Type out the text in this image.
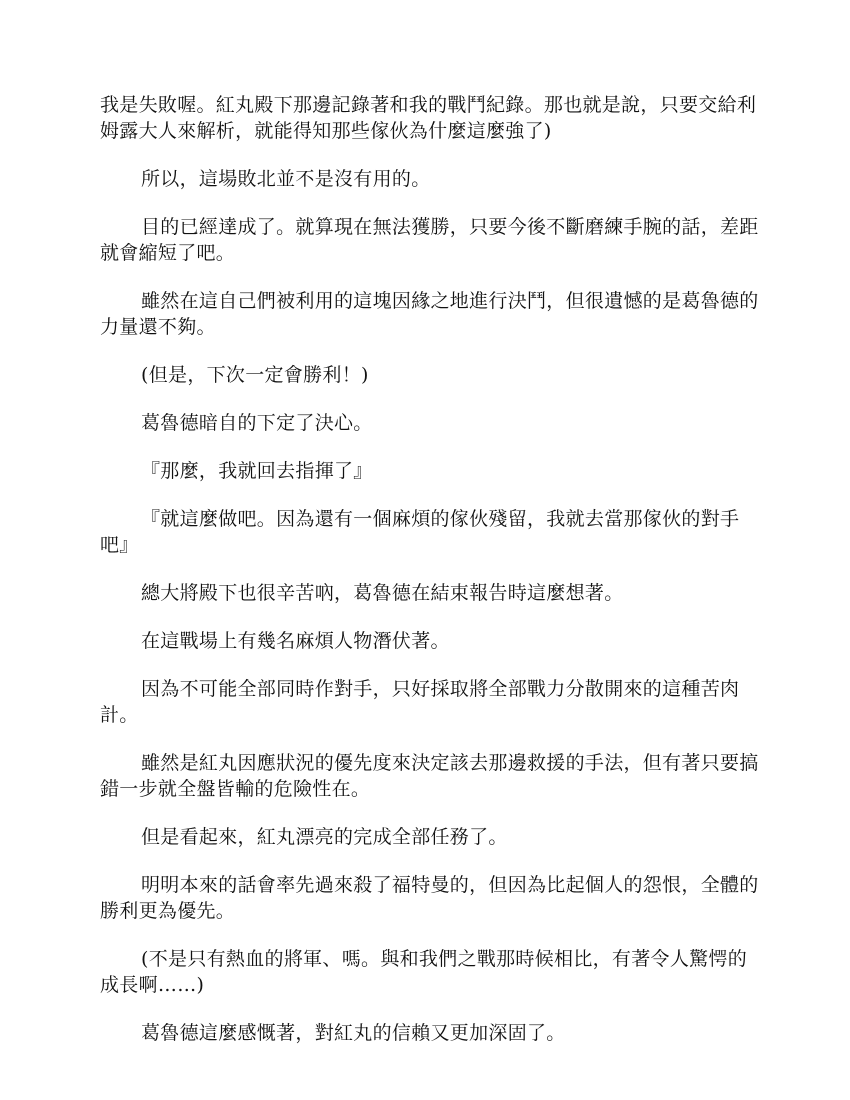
我是失敗喔。紅丸殿下那邊記錄著和我的戰鬥紀錄。那也就是說，只要交給利姆露大人來解析，就能得知那些傢伙為什麼這麼強了)

所以，這場敗北並不是沒有用的。

目的已經達成了。就算現在無法獲勝，只要今後不斷磨練手腕的話，差距就會縮短了吧。

雖然在這自己們被利用的這塊因緣之地進行決鬥，但很遺憾的是葛魯德的力量還不夠。

(但是，下次一定會勝利！)

葛魯德暗自的下定了決心。

『那麼，我就回去指揮了』

『就這麼做吧。因為還有一個麻煩的傢伙殘留，我就去當那傢伙的對手吧』

總大將殿下也很辛苦吶，葛魯德在結束報告時這麼想著。

在這戰場上有幾名麻煩人物潛伏著。

因為不可能全部同時作對手，只好採取將全部戰力分散開來的這種苦肉計。

雖然是紅丸因應狀況的優先度來決定該去那邊救援的手法，但有著只要搞錯一步就全盤皆輸的危險性在。

但是看起來，紅丸漂亮的完成全部任務了。

明明本來的話會率先過來殺了福特曼的，但因為比起個人的怨恨，全體的勝利更為優先。

(不是只有熱血的將軍、嗎。與和我們之戰那時候相比，有著令人驚愕的成長啊……)

葛魯德這麼感慨著，對紅丸的信賴又更加深固了。
